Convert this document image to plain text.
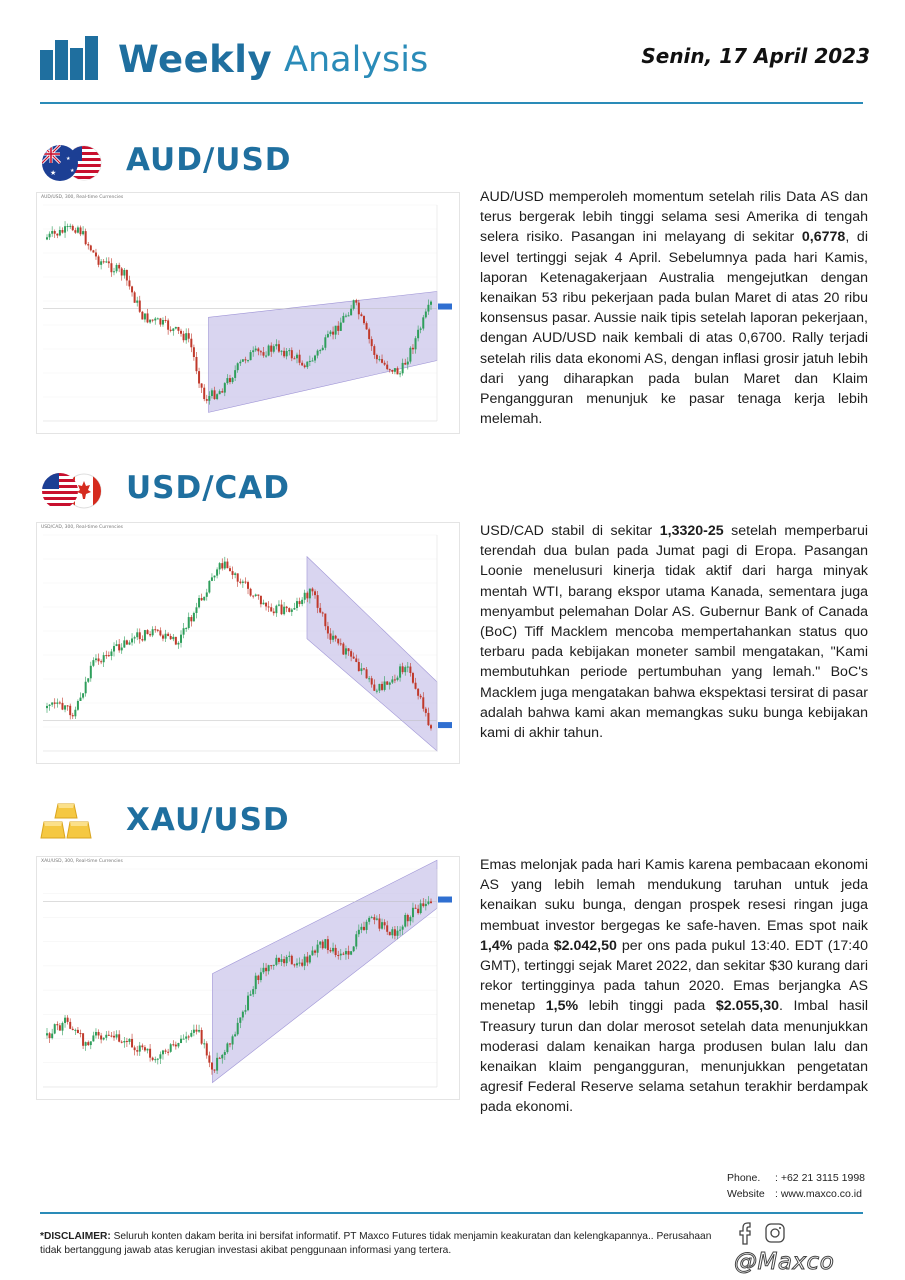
Weekly Analysis	Senin, 17 April 2023
★
★
★ AUD/USD
AUD/USD, 300, Real-time Currencies	AUD/USD memperoleh momentum setelah rilis Data AS dan terus bergerak lebih tinggi selama sesi Amerika di tengah selera risiko. Pasangan ini melayang di sekitar 0,6778, di level tertinggi sejak 4 April. Sebelumnya pada hari Kamis, laporan Ketenagakerjaan Australia mengejutkan dengan kenaikan 53 ribu pekerjaan pada bulan Maret di atas 20 ribu konsensus pasar. Aussie naik tipis setelah laporan pekerjaan, dengan AUD/USD naik kembali di atas 0,6700. Rally terjadi setelah rilis data ekonomi AS, dengan inflasi grosir jatuh lebih dari yang diharapkan pada bulan Maret dan Klaim Pengangguran menunjuk ke pasar tenaga kerja lebih melemah.
USD/CAD
USD/CAD, 300, Real-time Currencies	USD/CAD stabil di sekitar 1,3320-25 setelah memperbarui terendah dua bulan pada Jumat pagi di Eropa. Pasangan Loonie menelusuri kinerja tidak aktif dari harga minyak mentah WTI, barang ekspor utama Kanada, sementara juga menyambut pelemahan Dolar AS. Gubernur Bank of Canada (BoC) Tiff Macklem mencoba mempertahankan status quo terbaru pada kebijakan moneter sambil mengatakan, "Kami membutuhkan periode pertumbuhan yang lemah." BoC's Macklem juga mengatakan bahwa ekspektasi tersirat di pasar adalah bahwa kami akan memangkas suku bunga kebijakan kami di akhir tahun.
XAU/USD
XAU/USD, 300, Real-time Currencies	Emas melonjak pada hari Kamis karena pembacaan ekonomi AS yang lebih lemah mendukung taruhan untuk jeda kenaikan suku bunga, dengan prospek resesi ringan juga membuat investor bergegas ke safe-haven. Emas spot naik 1,4% pada $2.042,50 per ons pada pukul 13:40. EDT (17:40 GMT), tertinggi sejak Maret 2022, dan sekitar $30 kurang dari rekor tertingginya pada tahun 2020. Emas berjangka AS menetap 1,5% lebih tinggi pada $2.055,30. Imbal hasil Treasury turun dan dolar merosot setelah data menunjukkan moderasi dalam kenaikan harga produsen bulan lalu dan kenaikan klaim pengangguran, menunjukkan pengetatan agresif Federal Reserve selama setahun terakhir berdampak pada ekonomi.
Phone. : +62 21 3115 1998
Website : www.maxco.co.id
*DISCLAIMER: Seluruh konten dakam berita ini bersifat informatif. PT Maxco Futures tidak menjamin keakuratan dan kelengkapannya.. Perusahaan tidak bertanggung jawab atas kerugian investasi akibat penggunaan informasi yang tertera.	@Maxco
